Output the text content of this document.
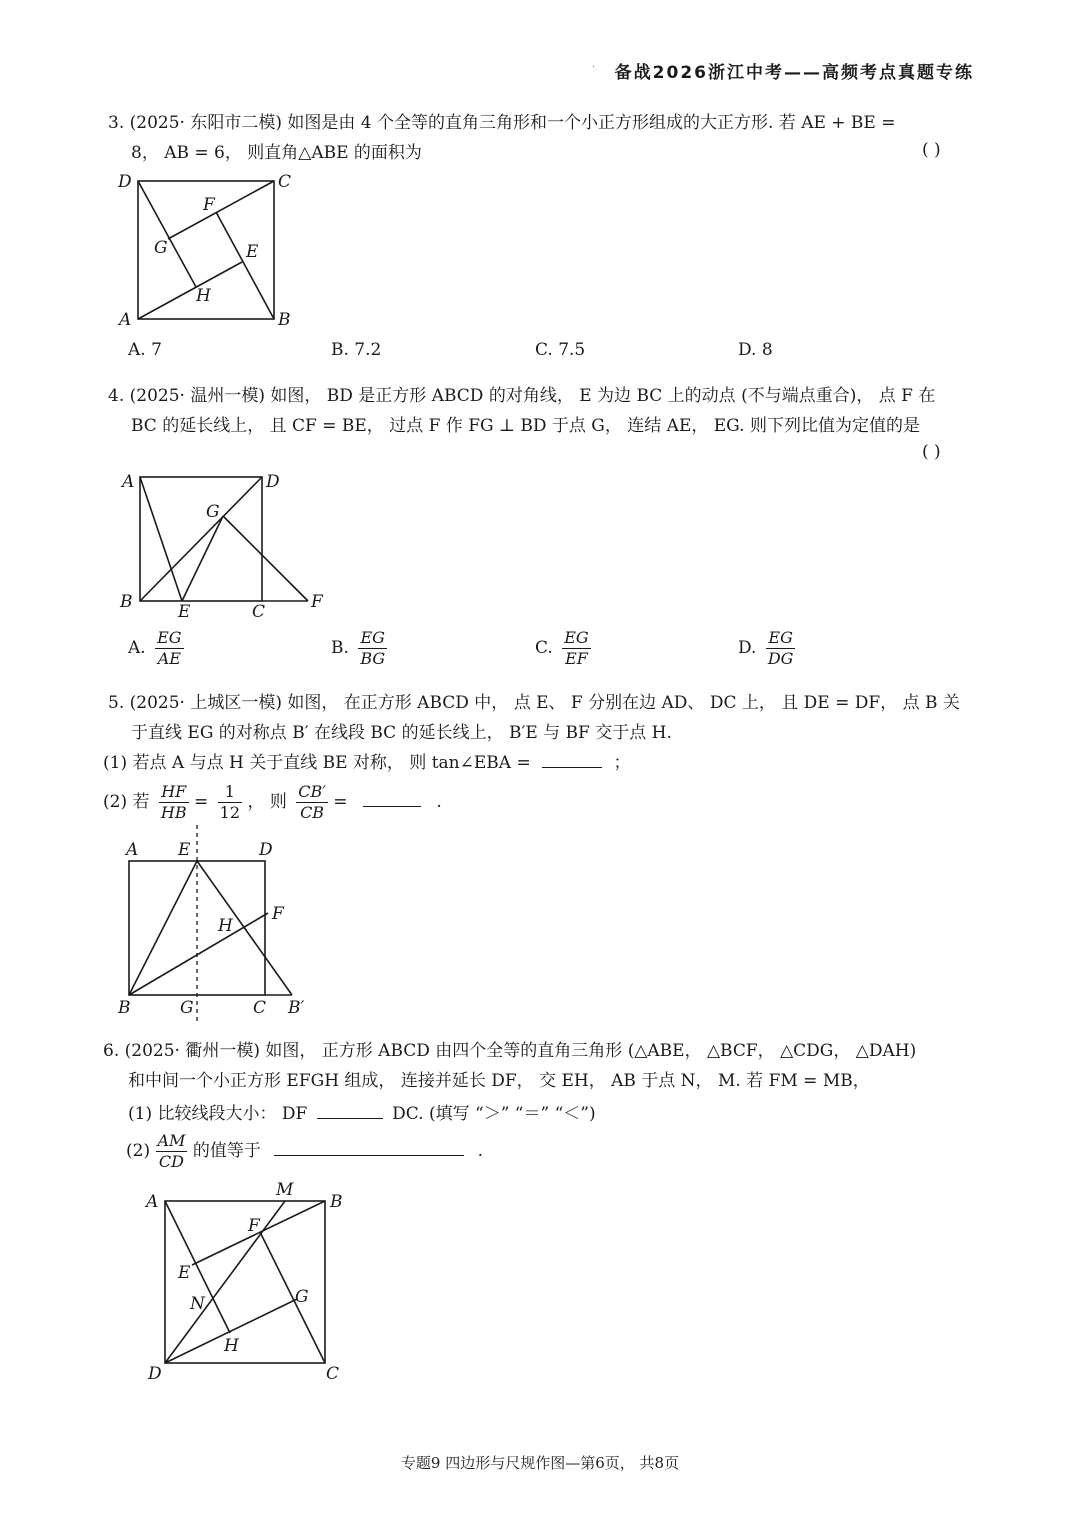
· 备战2026浙江中考——高频考点真题专练
3. (2025· 东阳市二模) 如图是由 4 个全等的直角三角形和一个小正方形组成的大正方形. 若 AE + BE =
8， AB = 6， 则直角△ABE 的面积为	( )
D	C
F
G	E
H
A	B
A. 7	B. 7.2	C. 7.5	D. 8
4. (2025· 温州一模) 如图， BD 是正方形 ABCD 的对角线， E 为边 BC 上的动点 (不与端点重合)， 点 F 在
BC 的延长线上， 且 CF = BE， 过点 F 作 FG ⊥ BD 于点 G， 连结 AE， EG. 则下列比值为定值的是
( )
A	D
G
B	E	C	F
A. $\frac{EG}{AE}$	B. $\frac{EG}{BG}$	C. $\frac{EG}{EF}$	D. $\frac{EG}{DG}$
5. (2025· 上城区一模) 如图， 在正方形 ABCD 中， 点 E、 F 分别在边 AD、 DC 上， 且 DE = DF， 点 B 关
于直线 EG 的对称点 B′ 在线段 BC 的延长线上， B′E 与 BF 交于点 H.
(1) 若点 A 与点 H 关于直线 BE 对称， 则 tan∠EBA =	；
(2) 若 $\frac{HF}{HB} = \frac{1}{12}$ ， 则 $\frac{CB'}{CB}$ =	.
A E	D
F
H
B	G	C B′
6. (2025· 衢州一模) 如图， 正方形 ABCD 由四个全等的直角三角形 (△ABE， △BCF， △CDG， △DAH)
和中间一个小正方形 EFGH 组成， 连接并延长 DF， 交 EH， AB 于点 N， M. 若 FM = MB，
(1) 比较线段大小： DF	DC. (填写 “＞” “＝” “＜”)
$(2) \frac{AM}{CD}$ 的值等于	.
A
M
B
F
E
N	G
H
D	C
专题9 四边形与尺规作图—第6页， 共8页
